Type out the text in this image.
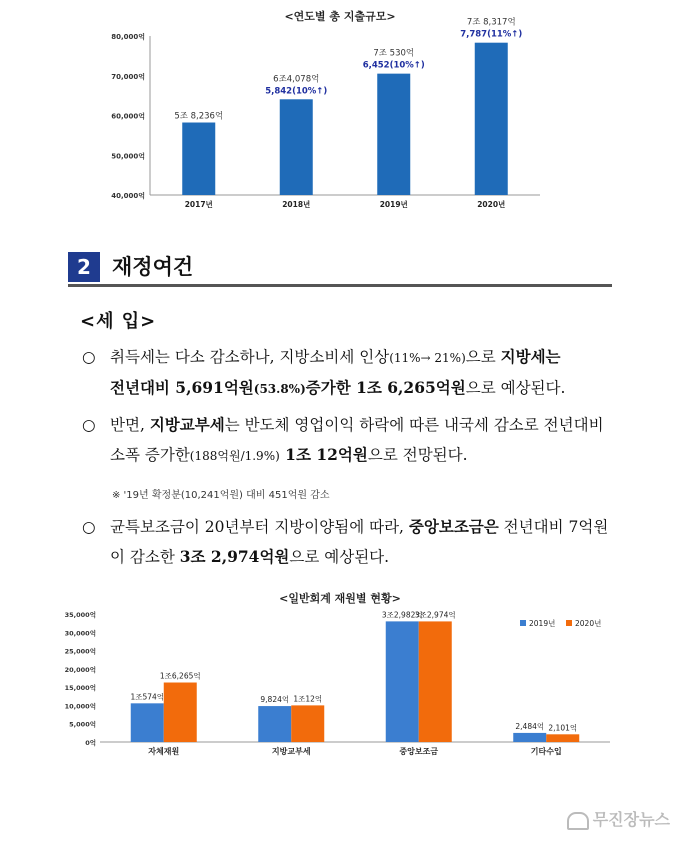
<연도별 총 지출규모>
40,000억
50,000억
60,000억
70,000억
80,000억
2017년
5조 8,236억
2018년
6조4,078억
5,842(10%↑)
2019년
7조 530억
6,452(10%↑)
2020년
7조 8,317억
7,787(11%↑)
2	재정여건
<세 입>
○ 취득세는 다소 감소하나, 지방소비세 인상(11%→ 21%)으로 지방세는
전년대비 5,691억원(53.8%)증가한 1조 6,265억원으로 예상된다.
○ 반면, 지방교부세는 반도체 영업이익 하락에 따른 내국세 감소로 전년대비 소폭 증가한(188억원/1.9%) 1조 12억원으로 전망된다.
※ '19년 확정분(10,241억원) 대비 451억원 감소
○ 균특보조금이 20년부터 지방이양됨에 따라, 중앙보조금은 전년대비 7억원이 감소한 3조 2,974억원으로 예상된다.
<일반회계 재원별 현황>
0억
5,000억
10,000억
15,000억
20,000억
25,000억
30,000억
35,000억
1조574억
1조6,265억
자체재원
9,824억 1조12억
지방교부세
3조2,982억
3조2,974억
중앙보조금
2,484억 2,101억
기타수입
2019년	2020년
무진장뉴스
